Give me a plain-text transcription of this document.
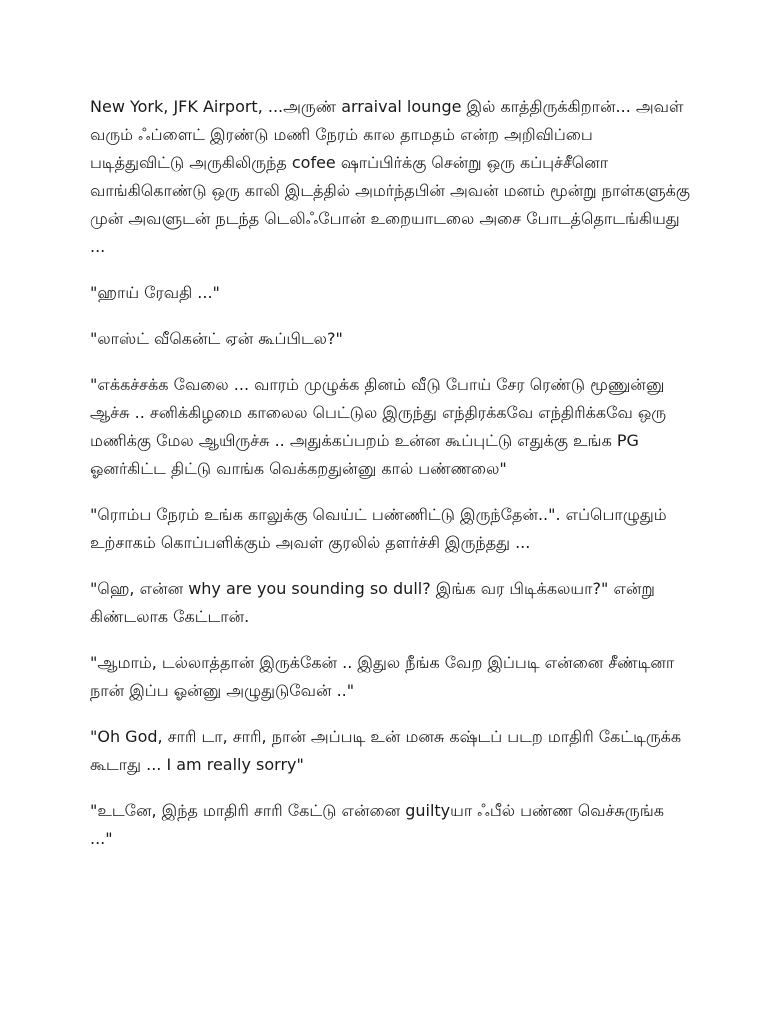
New York, JFK Airport, ...அருண் arraival lounge இல் காத்திருக்கிறான்... அவள் வரும் ஃப்ளைட் இரண்டு மணி நேரம் கால தாமதம் என்ற அறிவிப்பை படித்துவிட்டு அருகிலிருந்த cofee ஷாப்பிர்க்கு சென்று ஒரு கப்புச்சீனொ வாங்கிகொண்டு ஒரு காலி இடத்தில் அமர்ந்தபின் அவன் மனம் மூன்று நாள்களுக்கு முன் அவளுடன் நடந்த டெலிஃபோன் உறையாடலை அசை போடத்தொடங்கியது ...

"ஹாய் ரேவதி ..."

"லாஸ்ட் வீகென்ட் ஏன் கூப்பிடல?"

"எக்கச்சக்க வேலை ... வாரம் முழுக்க தினம் வீடு போய் சேர ரெண்டு மூணுன்னு ஆச்சு .. சனிக்கிழமை காலைல பெட்டுல இருந்து எந்திரக்கவே எந்திரிக்கவே ஒரு மணிக்கு மேல ஆயிருச்சு .. அதுக்கப்பறம் உன்ன கூப்புட்டு எதுக்கு உங்க PG ஓனர்கிட்ட திட்டு வாங்க வெக்கறதுன்னு கால் பண்ணலை"

"ரொம்ப நேரம் உங்க காலுக்கு வெய்ட் பண்ணிட்டு இருந்தேன்..". எப்பொழுதும் உற்சாகம் கொப்பளிக்கும் அவள் குரலில் தளர்ச்சி இருந்தது ...

"ஹெ, என்ன why are you sounding so dull? இங்க வர பிடிக்கலயா?" என்று கிண்டலாக கேட்டான்.

"ஆமாம், டல்லாத்தான் இருக்கேன் .. இதுல நீங்க வேற இப்படி என்னை சீண்டினா நான் இப்ப ஓன்னு அழுதுடுவேன் .."

"Oh God, சாரி டா, சாரி, நான் அப்படி உன் மனசு கஷ்டப் படற மாதிரி கேட்டிருக்க கூடாது ... I am really sorry"

"உடனே, இந்த மாதிரி சாரி கேட்டு என்னை guiltyயா ஃபீல் பண்ண வெச்சுருங்க ..."
